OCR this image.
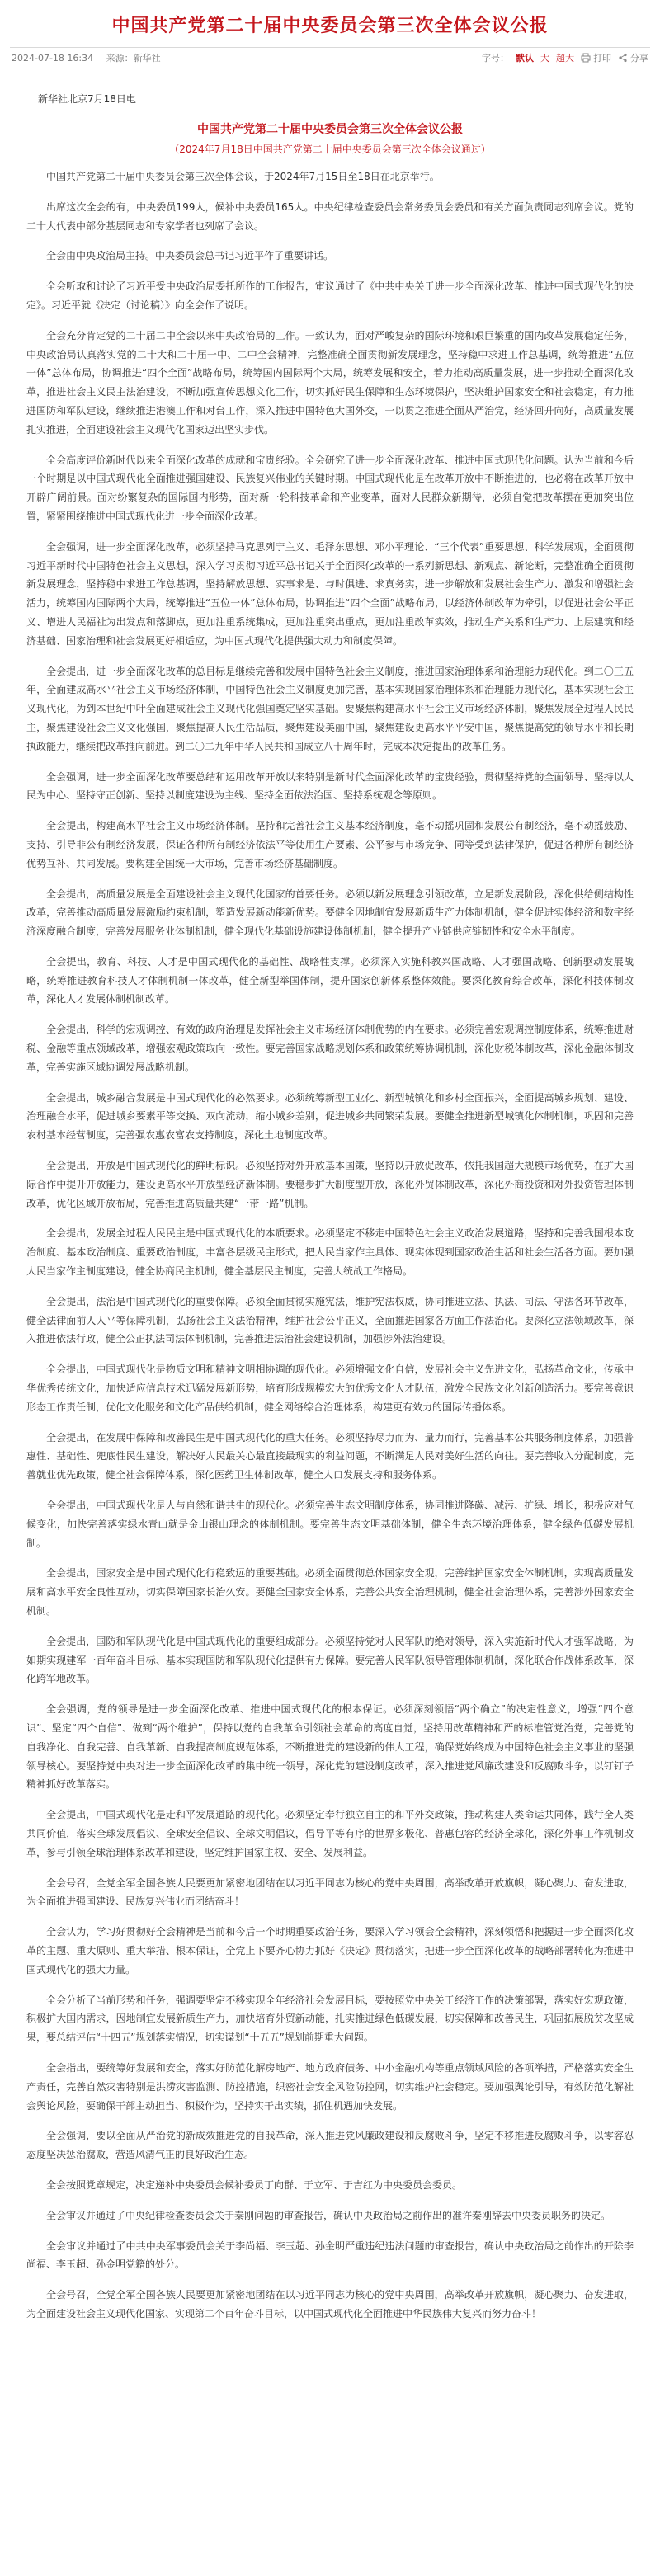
中国共产党第二十届中央委员会第三次全体会议公报
2024-07-18 16:34 来源：新华社	字号： 默认 大 超大 打印 分享
新华社北京7月18日电
中国共产党第二十届中央委员会第三次全体会议公报
（2024年7月18日中国共产党第二十届中央委员会第三次全体会议通过）

中国共产党第二十届中央委员会第三次全体会议，于2024年7月15日至18日在北京举行。

出席这次全会的有，中央委员199人，候补中央委员165人。中央纪律检查委员会常务委员会委员和有关方面负责同志列席会议。党的二十大代表中部分基层同志和专家学者也列席了会议。

全会由中央政治局主持。中央委员会总书记习近平作了重要讲话。

全会听取和讨论了习近平受中央政治局委托所作的工作报告，审议通过了《中共中央关于进一步全面深化改革、推进中国式现代化的决定》。习近平就《决定（讨论稿）》向全会作了说明。

全会充分肯定党的二十届二中全会以来中央政治局的工作。一致认为，面对严峻复杂的国际环境和艰巨繁重的国内改革发展稳定任务，中央政治局认真落实党的二十大和二十届一中、二中全会精神，完整准确全面贯彻新发展理念，坚持稳中求进工作总基调，统筹推进“五位一体”总体布局，协调推进“四个全面”战略布局，统筹国内国际两个大局，统筹发展和安全，着力推动高质量发展，进一步推动全面深化改革，推进社会主义民主法治建设，不断加强宣传思想文化工作，切实抓好民生保障和生态环境保护，坚决维护国家安全和社会稳定，有力推进国防和军队建设，继续推进港澳工作和对台工作，深入推进中国特色大国外交，一以贯之推进全面从严治党，经济回升向好，高质量发展扎实推进，全面建设社会主义现代化国家迈出坚实步伐。

全会高度评价新时代以来全面深化改革的成就和宝贵经验。全会研究了进一步全面深化改革、推进中国式现代化问题。认为当前和今后一个时期是以中国式现代化全面推进强国建设、民族复兴伟业的关键时期。中国式现代化是在改革开放中不断推进的，也必将在改革开放中开辟广阔前景。面对纷繁复杂的国际国内形势，面对新一轮科技革命和产业变革，面对人民群众新期待，必须自觉把改革摆在更加突出位置，紧紧围绕推进中国式现代化进一步全面深化改革。

全会强调，进一步全面深化改革，必须坚持马克思列宁主义、毛泽东思想、邓小平理论、“三个代表”重要思想、科学发展观，全面贯彻习近平新时代中国特色社会主义思想，深入学习贯彻习近平总书记关于全面深化改革的一系列新思想、新观点、新论断，完整准确全面贯彻新发展理念，坚持稳中求进工作总基调，坚持解放思想、实事求是、与时俱进、求真务实，进一步解放和发展社会生产力、激发和增强社会活力，统筹国内国际两个大局，统筹推进“五位一体”总体布局，协调推进“四个全面”战略布局，以经济体制改革为牵引，以促进社会公平正义、增进人民福祉为出发点和落脚点，更加注重系统集成，更加注重突出重点，更加注重改革实效，推动生产关系和生产力、上层建筑和经济基础、国家治理和社会发展更好相适应，为中国式现代化提供强大动力和制度保障。

全会提出，进一步全面深化改革的总目标是继续完善和发展中国特色社会主义制度，推进国家治理体系和治理能力现代化。到二〇三五年，全面建成高水平社会主义市场经济体制，中国特色社会主义制度更加完善，基本实现国家治理体系和治理能力现代化，基本实现社会主义现代化，为到本世纪中叶全面建成社会主义现代化强国奠定坚实基础。要聚焦构建高水平社会主义市场经济体制，聚焦发展全过程人民民主，聚焦建设社会主义文化强国，聚焦提高人民生活品质，聚焦建设美丽中国，聚焦建设更高水平平安中国，聚焦提高党的领导水平和长期执政能力，继续把改革推向前进。到二〇二九年中华人民共和国成立八十周年时，完成本决定提出的改革任务。

全会强调，进一步全面深化改革要总结和运用改革开放以来特别是新时代全面深化改革的宝贵经验，贯彻坚持党的全面领导、坚持以人民为中心、坚持守正创新、坚持以制度建设为主线、坚持全面依法治国、坚持系统观念等原则。

全会提出，构建高水平社会主义市场经济体制。坚持和完善社会主义基本经济制度，毫不动摇巩固和发展公有制经济，毫不动摇鼓励、支持、引导非公有制经济发展，保证各种所有制经济依法平等使用生产要素、公平参与市场竞争、同等受到法律保护，促进各种所有制经济优势互补、共同发展。要构建全国统一大市场，完善市场经济基础制度。

全会提出，高质量发展是全面建设社会主义现代化国家的首要任务。必须以新发展理念引领改革，立足新发展阶段，深化供给侧结构性改革，完善推动高质量发展激励约束机制，塑造发展新动能新优势。要健全因地制宜发展新质生产力体制机制，健全促进实体经济和数字经济深度融合制度，完善发展服务业体制机制，健全现代化基础设施建设体制机制，健全提升产业链供应链韧性和安全水平制度。

全会提出，教育、科技、人才是中国式现代化的基础性、战略性支撑。必须深入实施科教兴国战略、人才强国战略、创新驱动发展战略，统筹推进教育科技人才体制机制一体改革，健全新型举国体制，提升国家创新体系整体效能。要深化教育综合改革，深化科技体制改革，深化人才发展体制机制改革。

全会提出，科学的宏观调控、有效的政府治理是发挥社会主义市场经济体制优势的内在要求。必须完善宏观调控制度体系，统筹推进财税、金融等重点领域改革，增强宏观政策取向一致性。要完善国家战略规划体系和政策统筹协调机制，深化财税体制改革，深化金融体制改革，完善实施区域协调发展战略机制。

全会提出，城乡融合发展是中国式现代化的必然要求。必须统筹新型工业化、新型城镇化和乡村全面振兴，全面提高城乡规划、建设、治理融合水平，促进城乡要素平等交换、双向流动，缩小城乡差别，促进城乡共同繁荣发展。要健全推进新型城镇化体制机制，巩固和完善农村基本经营制度，完善强农惠农富农支持制度，深化土地制度改革。

全会提出，开放是中国式现代化的鲜明标识。必须坚持对外开放基本国策，坚持以开放促改革，依托我国超大规模市场优势，在扩大国际合作中提升开放能力，建设更高水平开放型经济新体制。要稳步扩大制度型开放，深化外贸体制改革，深化外商投资和对外投资管理体制改革，优化区域开放布局，完善推进高质量共建“一带一路”机制。

全会提出，发展全过程人民民主是中国式现代化的本质要求。必须坚定不移走中国特色社会主义政治发展道路，坚持和完善我国根本政治制度、基本政治制度、重要政治制度，丰富各层级民主形式，把人民当家作主具体、现实体现到国家政治生活和社会生活各方面。要加强人民当家作主制度建设，健全协商民主机制，健全基层民主制度，完善大统战工作格局。

全会提出，法治是中国式现代化的重要保障。必须全面贯彻实施宪法，维护宪法权威，协同推进立法、执法、司法、守法各环节改革，健全法律面前人人平等保障机制，弘扬社会主义法治精神，维护社会公平正义，全面推进国家各方面工作法治化。要深化立法领域改革，深入推进依法行政，健全公正执法司法体制机制，完善推进法治社会建设机制，加强涉外法治建设。

全会提出，中国式现代化是物质文明和精神文明相协调的现代化。必须增强文化自信，发展社会主义先进文化，弘扬革命文化，传承中华优秀传统文化，加快适应信息技术迅猛发展新形势，培育形成规模宏大的优秀文化人才队伍，激发全民族文化创新创造活力。要完善意识形态工作责任制，优化文化服务和文化产品供给机制，健全网络综合治理体系，构建更有效力的国际传播体系。

全会提出，在发展中保障和改善民生是中国式现代化的重大任务。必须坚持尽力而为、量力而行，完善基本公共服务制度体系，加强普惠性、基础性、兜底性民生建设，解决好人民最关心最直接最现实的利益问题，不断满足人民对美好生活的向往。要完善收入分配制度，完善就业优先政策，健全社会保障体系，深化医药卫生体制改革，健全人口发展支持和服务体系。

全会提出，中国式现代化是人与自然和谐共生的现代化。必须完善生态文明制度体系，协同推进降碳、减污、扩绿、增长，积极应对气候变化，加快完善落实绿水青山就是金山银山理念的体制机制。要完善生态文明基础体制，健全生态环境治理体系，健全绿色低碳发展机制。

全会提出，国家安全是中国式现代化行稳致远的重要基础。必须全面贯彻总体国家安全观，完善维护国家安全体制机制，实现高质量发展和高水平安全良性互动，切实保障国家长治久安。要健全国家安全体系，完善公共安全治理机制，健全社会治理体系，完善涉外国家安全机制。

全会提出，国防和军队现代化是中国式现代化的重要组成部分。必须坚持党对人民军队的绝对领导，深入实施新时代人才强军战略，为如期实现建军一百年奋斗目标、基本实现国防和军队现代化提供有力保障。要完善人民军队领导管理体制机制，深化联合作战体系改革，深化跨军地改革。

全会强调，党的领导是进一步全面深化改革、推进中国式现代化的根本保证。必须深刻领悟“两个确立”的决定性意义，增强“四个意识”、坚定“四个自信”、做到“两个维护”，保持以党的自我革命引领社会革命的高度自觉，坚持用改革精神和严的标准管党治党，完善党的自我净化、自我完善、自我革新、自我提高制度规范体系，不断推进党的建设新的伟大工程，确保党始终成为中国特色社会主义事业的坚强领导核心。要坚持党中央对进一步全面深化改革的集中统一领导，深化党的建设制度改革，深入推进党风廉政建设和反腐败斗争，以钉钉子精神抓好改革落实。

全会提出，中国式现代化是走和平发展道路的现代化。必须坚定奉行独立自主的和平外交政策，推动构建人类命运共同体，践行全人类共同价值，落实全球发展倡议、全球安全倡议、全球文明倡议，倡导平等有序的世界多极化、普惠包容的经济全球化，深化外事工作机制改革，参与引领全球治理体系改革和建设，坚定维护国家主权、安全、发展利益。

全会号召，全党全军全国各族人民要更加紧密地团结在以习近平同志为核心的党中央周围，高举改革开放旗帜，凝心聚力、奋发进取，为全面推进强国建设、民族复兴伟业而团结奋斗！

全会认为，学习好贯彻好全会精神是当前和今后一个时期重要政治任务，要深入学习领会全会精神，深刻领悟和把握进一步全面深化改革的主题、重大原则、重大举措、根本保证，全党上下要齐心协力抓好《决定》贯彻落实，把进一步全面深化改革的战略部署转化为推进中国式现代化的强大力量。

全会分析了当前形势和任务，强调要坚定不移实现全年经济社会发展目标，要按照党中央关于经济工作的决策部署，落实好宏观政策，积极扩大国内需求，因地制宜发展新质生产力，加快培育外贸新动能，扎实推进绿色低碳发展，切实保障和改善民生，巩固拓展脱贫攻坚成果，要总结评估“十四五”规划落实情况，切实谋划“十五五”规划前期重大问题。

全会指出，要统筹好发展和安全，落实好防范化解房地产、地方政府债务、中小金融机构等重点领域风险的各项举措，严格落实安全生产责任，完善自然灾害特别是洪涝灾害监测、防控措施，织密社会安全风险防控网，切实维护社会稳定。要加强舆论引导，有效防范化解社会舆论风险，要确保干部主动担当、积极作为，坚持实干出实绩，抓住机遇加快发展。

全会强调，要以全面从严治党的新成效推进党的自我革命，深入推进党风廉政建设和反腐败斗争，坚定不移推进反腐败斗争，以零容忍态度坚决惩治腐败，营造风清气正的良好政治生态。

全会按照党章规定，决定递补中央委员会候补委员丁向群、于立军、于吉红为中央委员会委员。

全会审议并通过了中央纪律检查委员会关于秦刚问题的审查报告，确认中央政治局之前作出的准许秦刚辞去中央委员职务的决定。

全会审议并通过了中共中央军事委员会关于李尚福、李玉超、孙金明严重违纪违法问题的审查报告，确认中央政治局之前作出的开除李尚福、李玉超、孙金明党籍的处分。

全会号召，全党全军全国各族人民要更加紧密地团结在以习近平同志为核心的党中央周围，高举改革开放旗帜，凝心聚力、奋发进取，为全面建设社会主义现代化国家、实现第二个百年奋斗目标，以中国式现代化全面推进中华民族伟大复兴而努力奋斗！
